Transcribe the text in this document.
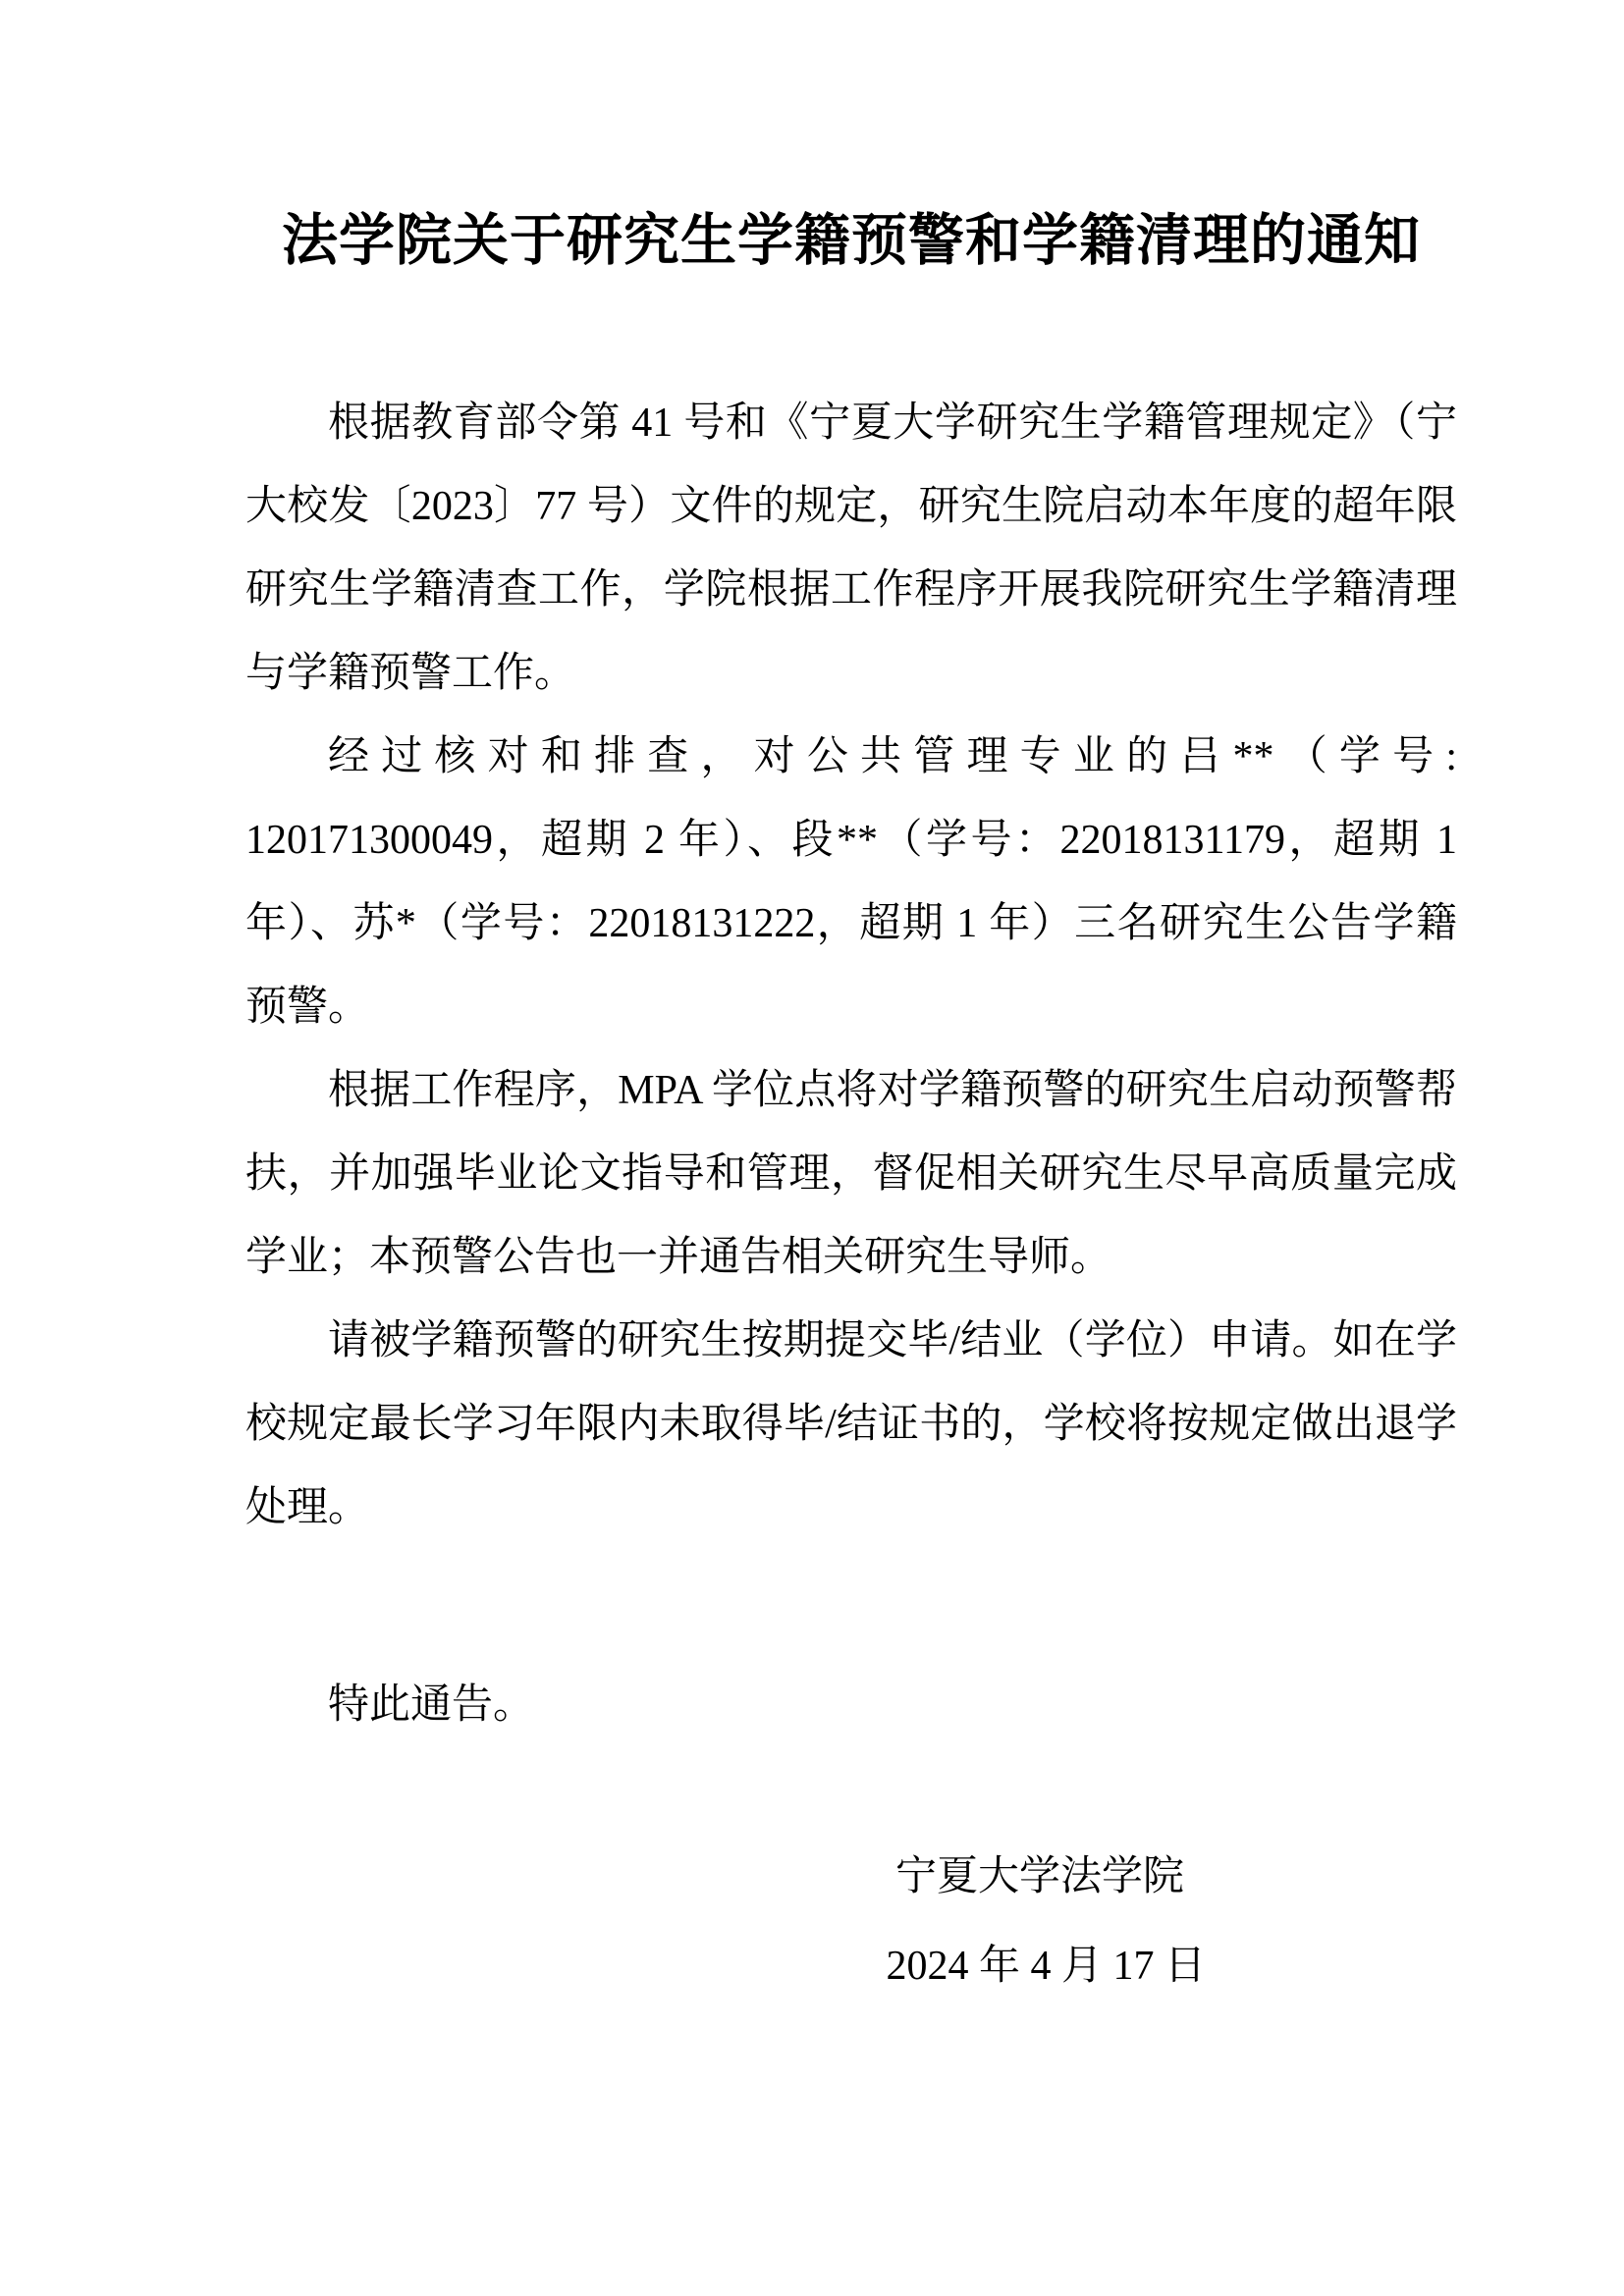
法学院关于研究生学籍预警和学籍清理的通知

根据教育部令第 41 号和《宁夏大学研究生学籍管理规定》（宁大校发〔2023〕77 号）文件的规定，研究生院启动本年度的超年限研究生学籍清查工作，学院根据工作程序开展我院研究生学籍清理与学籍预警工作。

经过核对和排查，对公共管理专业的吕**（学号: 120171300049，超期 2 年）、段**（学号：22018131179，超期 1 年）、苏*（学号：22018131222，超期 1 年）三名研究生公告学籍预警。

根据工作程序，MPA 学位点将对学籍预警的研究生启动预警帮扶，并加强毕业论文指导和管理，督促相关研究生尽早高质量完成学业；本预警公告也一并通告相关研究生导师。

请被学籍预警的研究生按期提交毕/结业（学位）申请。如在学校规定最长学习年限内未取得毕/结证书的，学校将按规定做出退学处理。

特此通告。

宁夏大学法学院
2024 年 4 月 17 日
